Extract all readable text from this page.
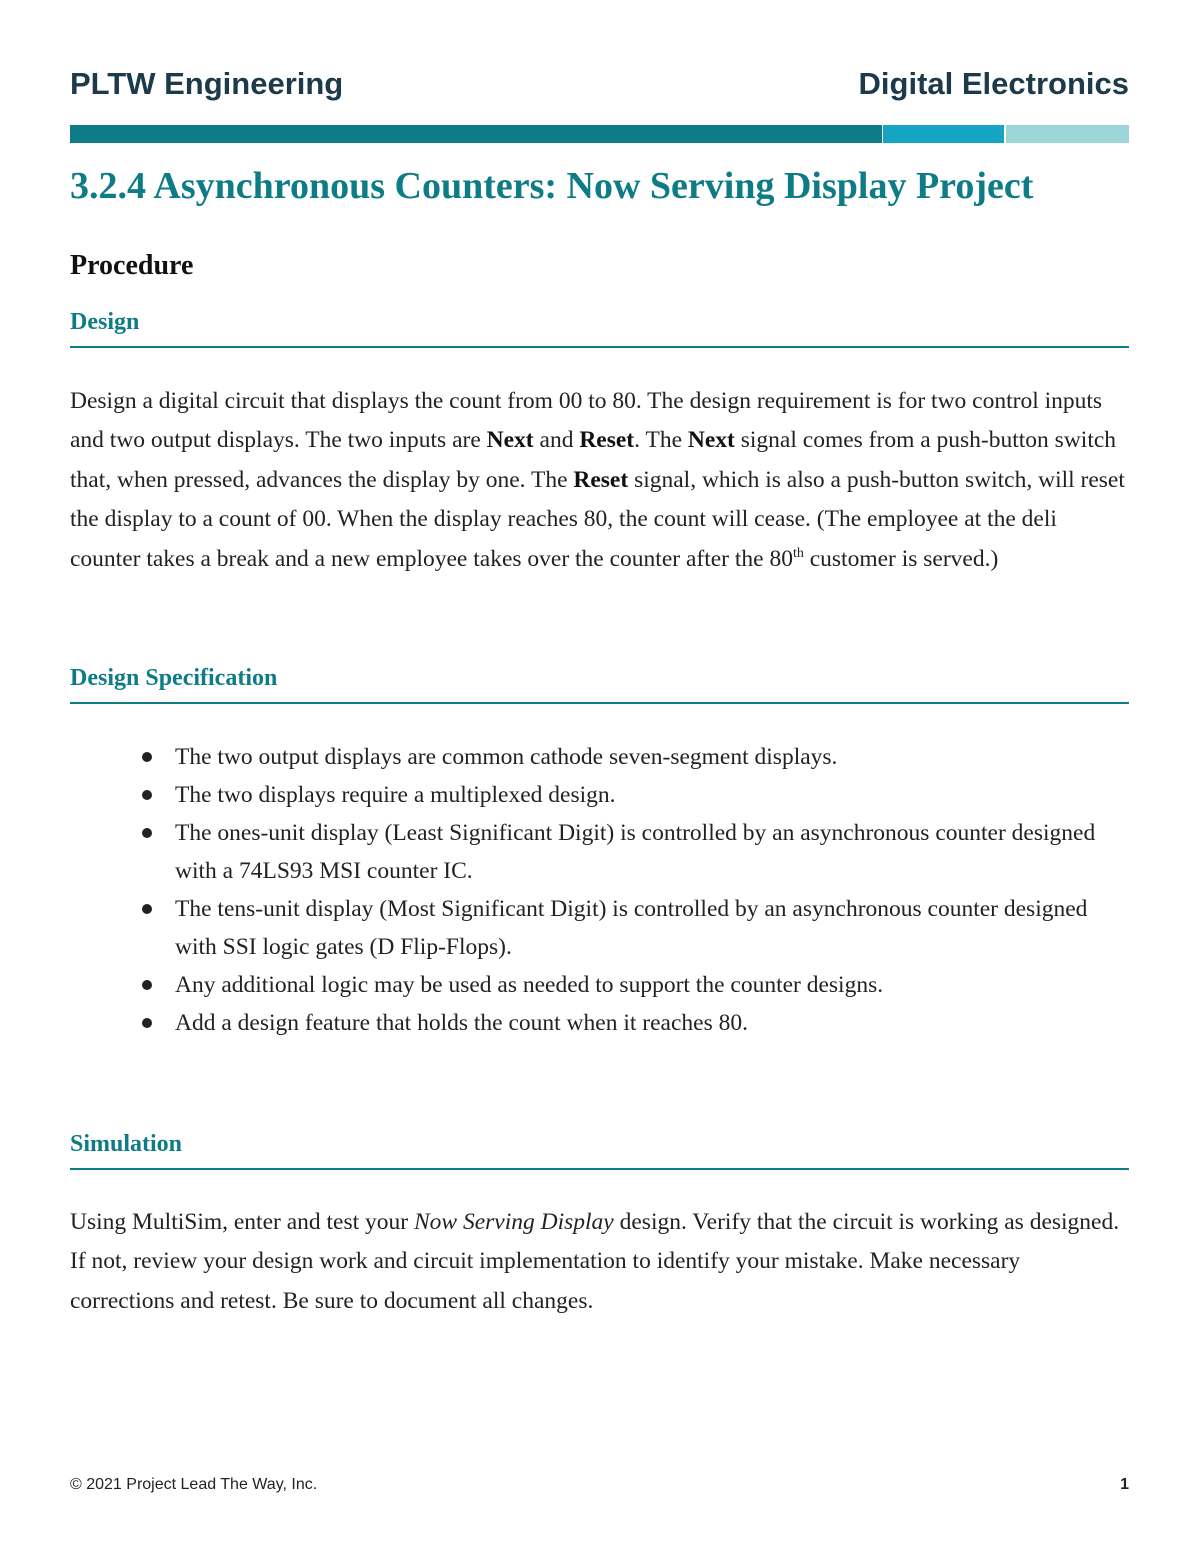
PLTW Engineering	Digital Electronics
3.2.4 Asynchronous Counters: Now Serving Display Project
Procedure
Design

Design a digital circuit that displays the count from 00 to 80. The design requirement is for two control inputs and two output displays. The two inputs are Next and Reset. The Next signal comes from a push-button switch that, when pressed, advances the display by one. The Reset signal, which is also a push-button switch, will reset the display to a count of 00. When the display reaches 80, the count will cease. (The employee at the deli counter takes a break and a new employee takes over the counter after the 80th customer is served.)

Design Specification
The two output displays are common cathode seven-segment displays.
The two displays require a multiplexed design.
The ones-unit display (Least Significant Digit) is controlled by an asynchronous counter designed with a 74LS93 MSI counter IC.
The tens-unit display (Most Significant Digit) is controlled by an asynchronous counter designed with SSI logic gates (D Flip-Flops).
Any additional logic may be used as needed to support the counter designs.
Add a design feature that holds the count when it reaches 80.
Simulation

Using MultiSim, enter and test your Now Serving Display design. Verify that the circuit is working as designed. If not, review your design work and circuit implementation to identify your mistake. Make necessary corrections and retest. Be sure to document all changes.

© 2021 Project Lead The Way, Inc.	1
